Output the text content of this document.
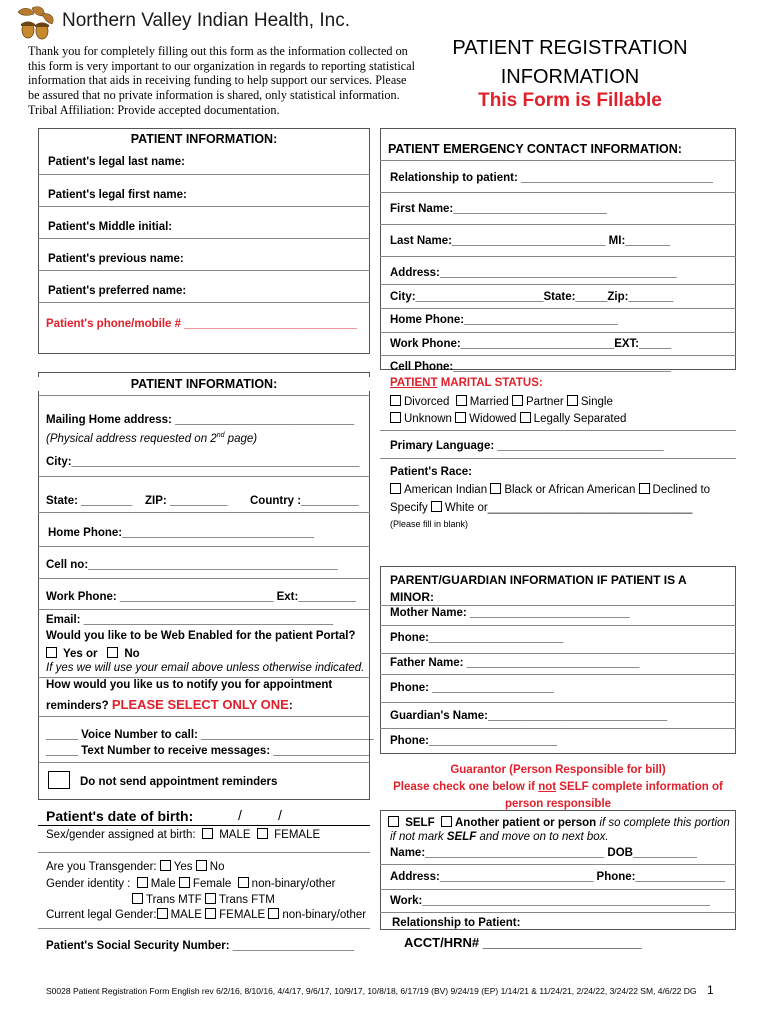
Northern Valley Indian Health, Inc.
Thank you for completely filling out this form as the information collected on this form is very important to our organization in regards to reporting statistical information that aids in receiving funding to help support our services. Please be assured that no private information is shared, only statistical information. Tribal Affiliation: Provide accepted documentation.
PATIENT REGISTRATION
INFORMATION
This Form is Fillable
PATIENT INFORMATION:
Patient's legal last name:
Patient's legal first name:
Patient's Middle initial:
Patient's previous name:
Patient's preferred name:
Patient's phone/mobile # ___________________________
PATIENT EMERGENCY CONTACT INFORMATION:
Relationship to patient: ______________________________
First Name:________________________
Last Name:________________________ MI:_______
Address:_____________________________________
City:____________________State:_____Zip:_______
Home Phone:________________________
Work Phone:________________________EXT:_____
Cell Phone:__________________________________
PATIENT MARITAL STATUS:
Divorced Married Partner Single
Unknown Widowed Legally Separated
Primary Language: __________________________
Patient's Race:
American Indian Black or African American Declined to
Specify White or________________________________
(Please fill in blank)
PATIENT INFORMATION:
Mailing Home address: ____________________________
(Physical address requested on 2nd page)
City:_____________________________________________
State: ________ ZIP: _________ Country :_________
Home Phone:______________________________
Cell no:_______________________________________
Work Phone: ________________________ Ext:_________
Email: _______________________________________
Would you like to be Web Enabled for the patient Portal?
Yes or No
If yes we will use your email above unless otherwise indicated.
How would you like us to notify you for appointment
reminders? PLEASE SELECT ONLY ONE:
_____ Voice Number to call: ___________________________
_____ Text Number to receive messages: _______________
Do not send appointment reminders
Patient's date of birth:	/	/
Sex/gender assigned at birth: MALE FEMALE
Are you Transgender: Yes No
Gender identity : Male Female non-binary/other
Trans MTF Trans FTM
Current legal Gender: MALE FEMALE non-binary/other
Patient's Social Security Number: ___________________
PARENT/GUARDIAN INFORMATION IF PATIENT IS A
MINOR:
Mother Name: _________________________
Phone:_____________________
Father Name: ___________________________
Phone: ___________________
Guardian's Name:____________________________
Phone:____________________
Guarantor (Person Responsible for bill)
Please check one below if not SELF complete information of
person responsible
SELF Another patient or person if so complete this portion
if not mark SELF and move on to next box.
Name:____________________________ DOB__________
Address:________________________ Phone:______________
Work:_____________________________________________
Relationship to Patient:
ACCT/HRN# ______________________
S0028 Patient Registration Form English rev 6/2/16, 8/10/16, 4/4/17, 9/6/17, 10/9/17, 10/8/18, 6/17/19 (BV) 9/24/19 (EP) 1/14/21 & 11/24/21, 2/24/22, 3/24/22 SM, 4/6/22 DG 1
